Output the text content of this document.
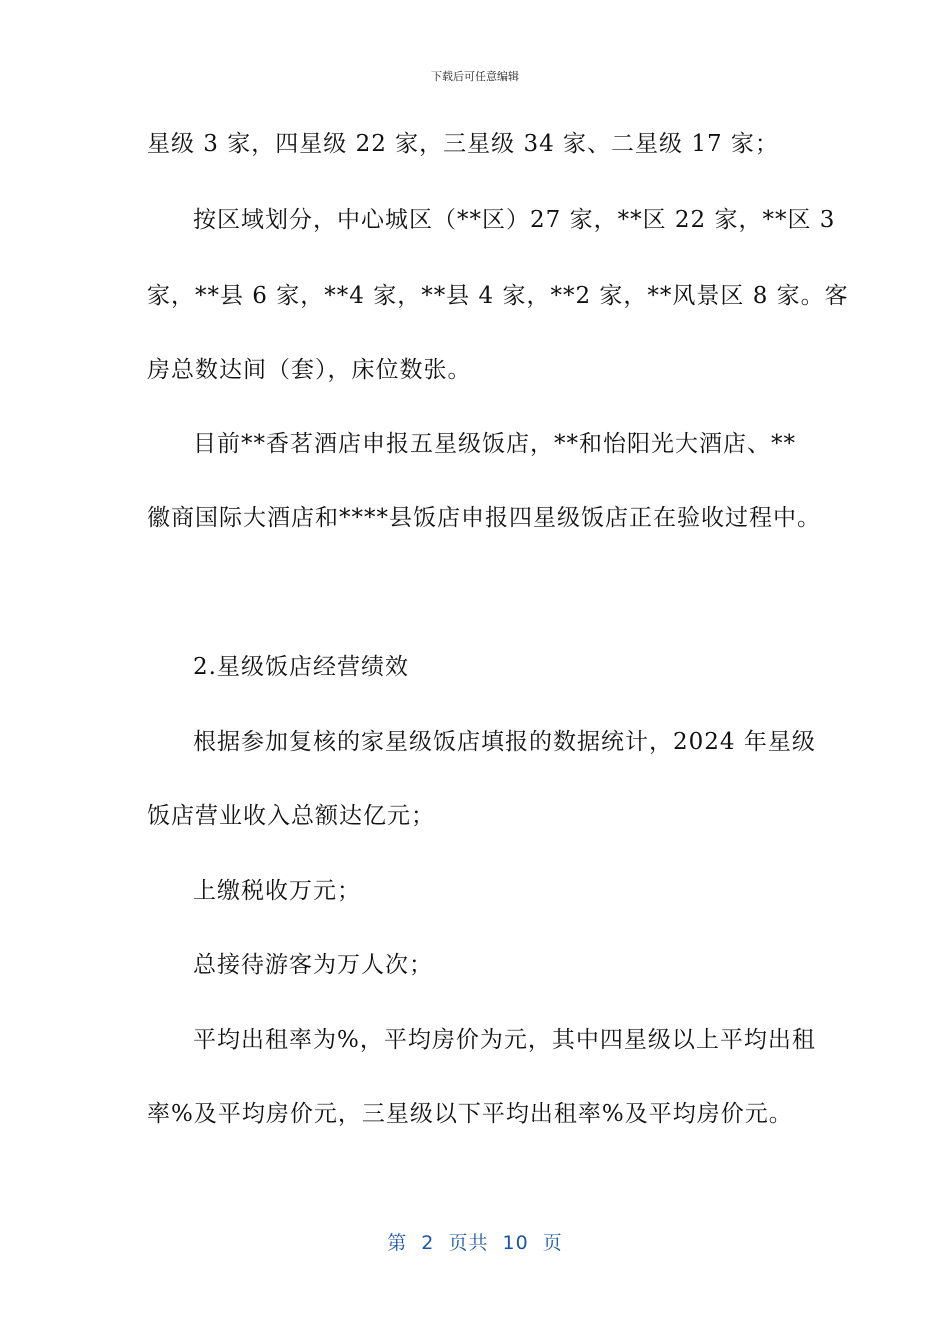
下载后可任意编辑
星级 3 家，四星级 22 家，三星级 34 家、二星级 17 家；
按区域划分，中心城区（**区）27 家，**区 22 家，**区 3
家，**县 6 家，**4 家，**县 4 家，**2 家，**风景区 8 家。客
房总数达间（套），床位数张。
目前**香茗酒店申报五星级饭店，**和怡阳光大酒店、**
徽商国际大酒店和****县饭店申报四星级饭店正在验收过程中。
2.星级饭店经营绩效
根据参加复核的家星级饭店填报的数据统计，2024 年星级
饭店营业收入总额达亿元；
上缴税收万元；
总接待游客为万人次；
平均出租率为%，平均房价为元，其中四星级以上平均出租
率%及平均房价元，三星级以下平均出租率%及平均房价元。
第  2  页共  10  页
